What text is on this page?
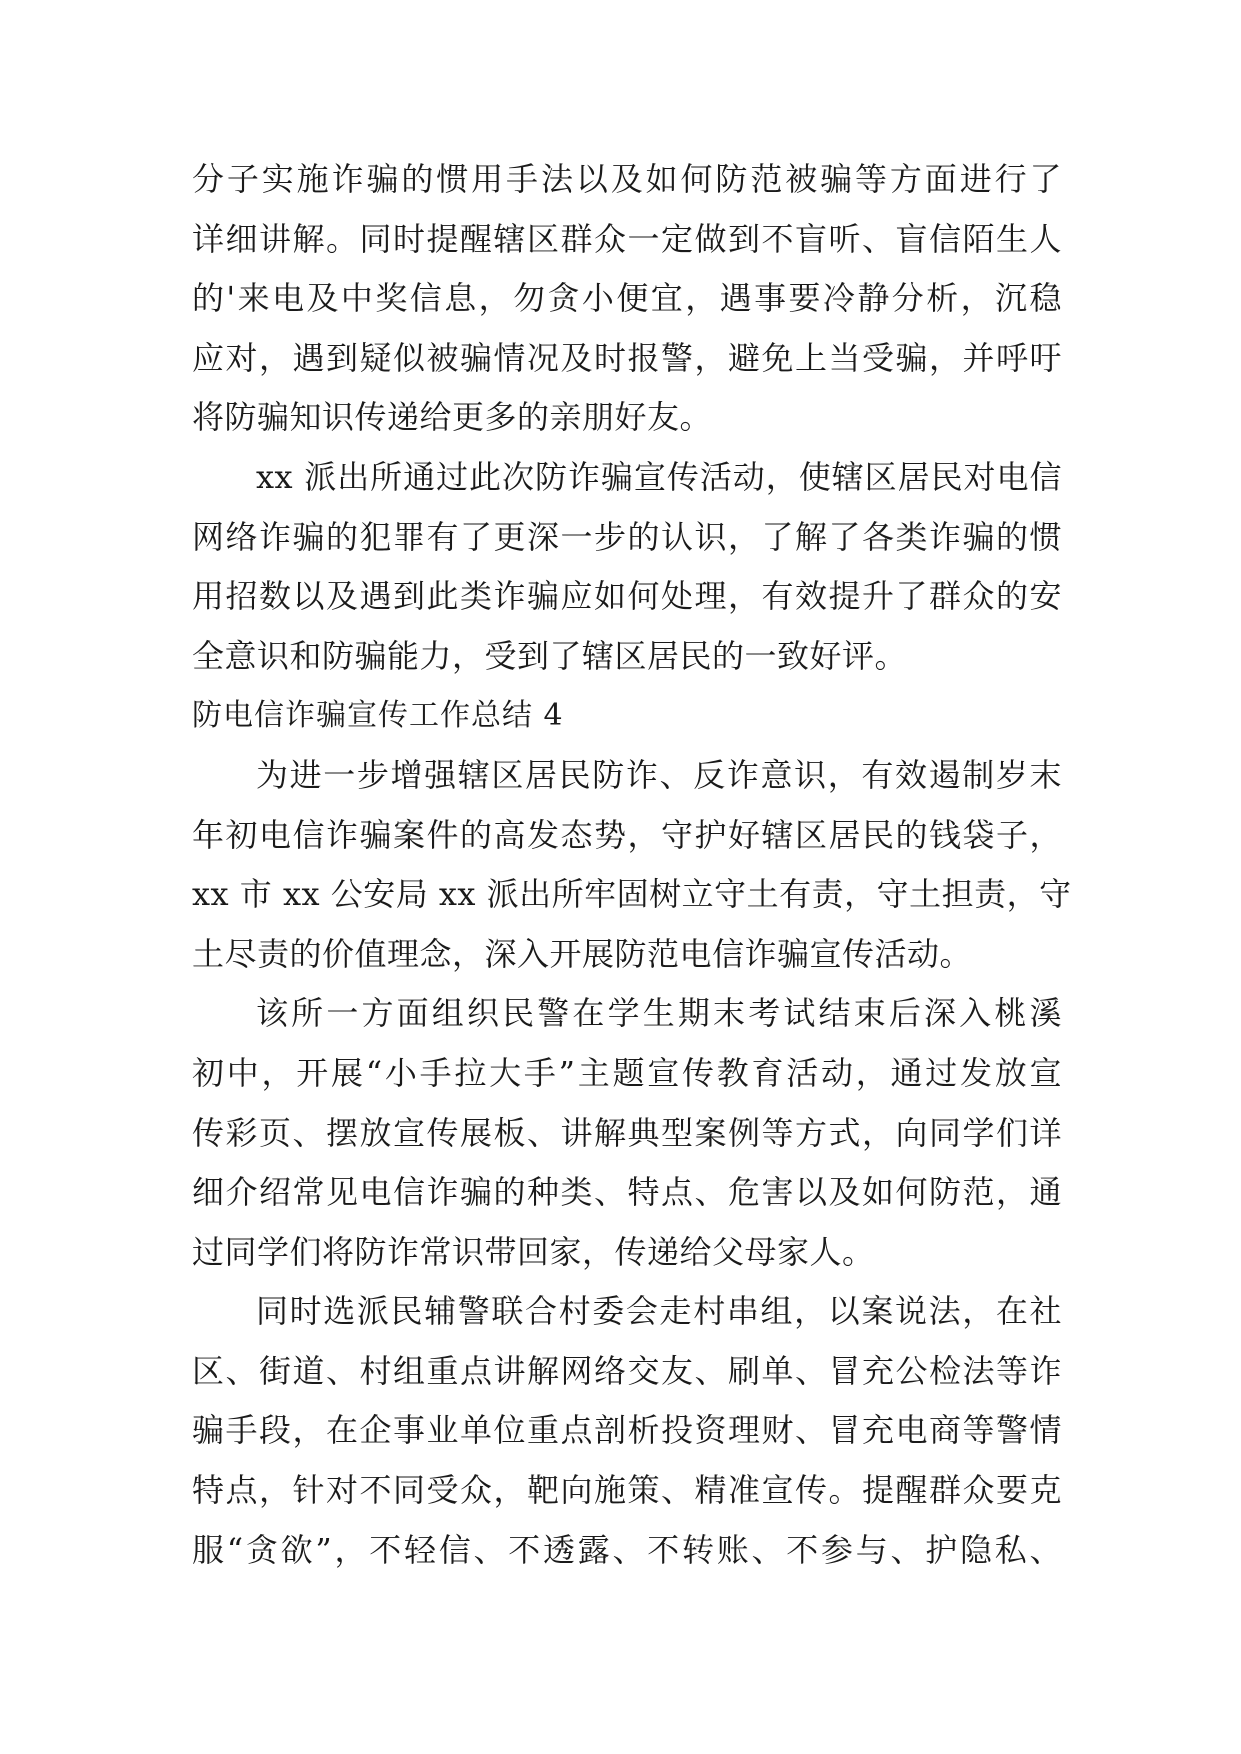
分子实施诈骗的惯用手法以及如何防范被骗等方面进行了
详细讲解。同时提醒辖区群众一定做到不盲听、盲信陌生人
的'来电及中奖信息，勿贪小便宜，遇事要冷静分析，沉稳
应对，遇到疑似被骗情况及时报警，避免上当受骗，并呼吁
将防骗知识传递给更多的亲朋好友。
xx 派出所通过此次防诈骗宣传活动，使辖区居民对电信
网络诈骗的犯罪有了更深一步的认识，了解了各类诈骗的惯
用招数以及遇到此类诈骗应如何处理，有效提升了群众的安
全意识和防骗能力，受到了辖区居民的一致好评。
防电信诈骗宣传工作总结 4
为进一步增强辖区居民防诈、反诈意识，有效遏制岁末
年初电信诈骗案件的高发态势，守护好辖区居民的钱袋子，
xx 市 xx 公安局 xx 派出所牢固树立守土有责，守土担责，守
土尽责的价值理念，深入开展防范电信诈骗宣传活动。
该所一方面组织民警在学生期末考试结束后深入桃溪
初中，开展“小手拉大手”主题宣传教育活动，通过发放宣
传彩页、摆放宣传展板、讲解典型案例等方式，向同学们详
细介绍常见电信诈骗的种类、特点、危害以及如何防范，通
过同学们将防诈常识带回家，传递给父母家人。
同时选派民辅警联合村委会走村串组，以案说法，在社
区、街道、村组重点讲解网络交友、刷单、冒充公检法等诈
骗手段，在企事业单位重点剖析投资理财、冒充电商等警情
特点，针对不同受众，靶向施策、精准宣传。提醒群众要克
服“贪欲”，不轻信、不透露、不转账、不参与、护隐私、
